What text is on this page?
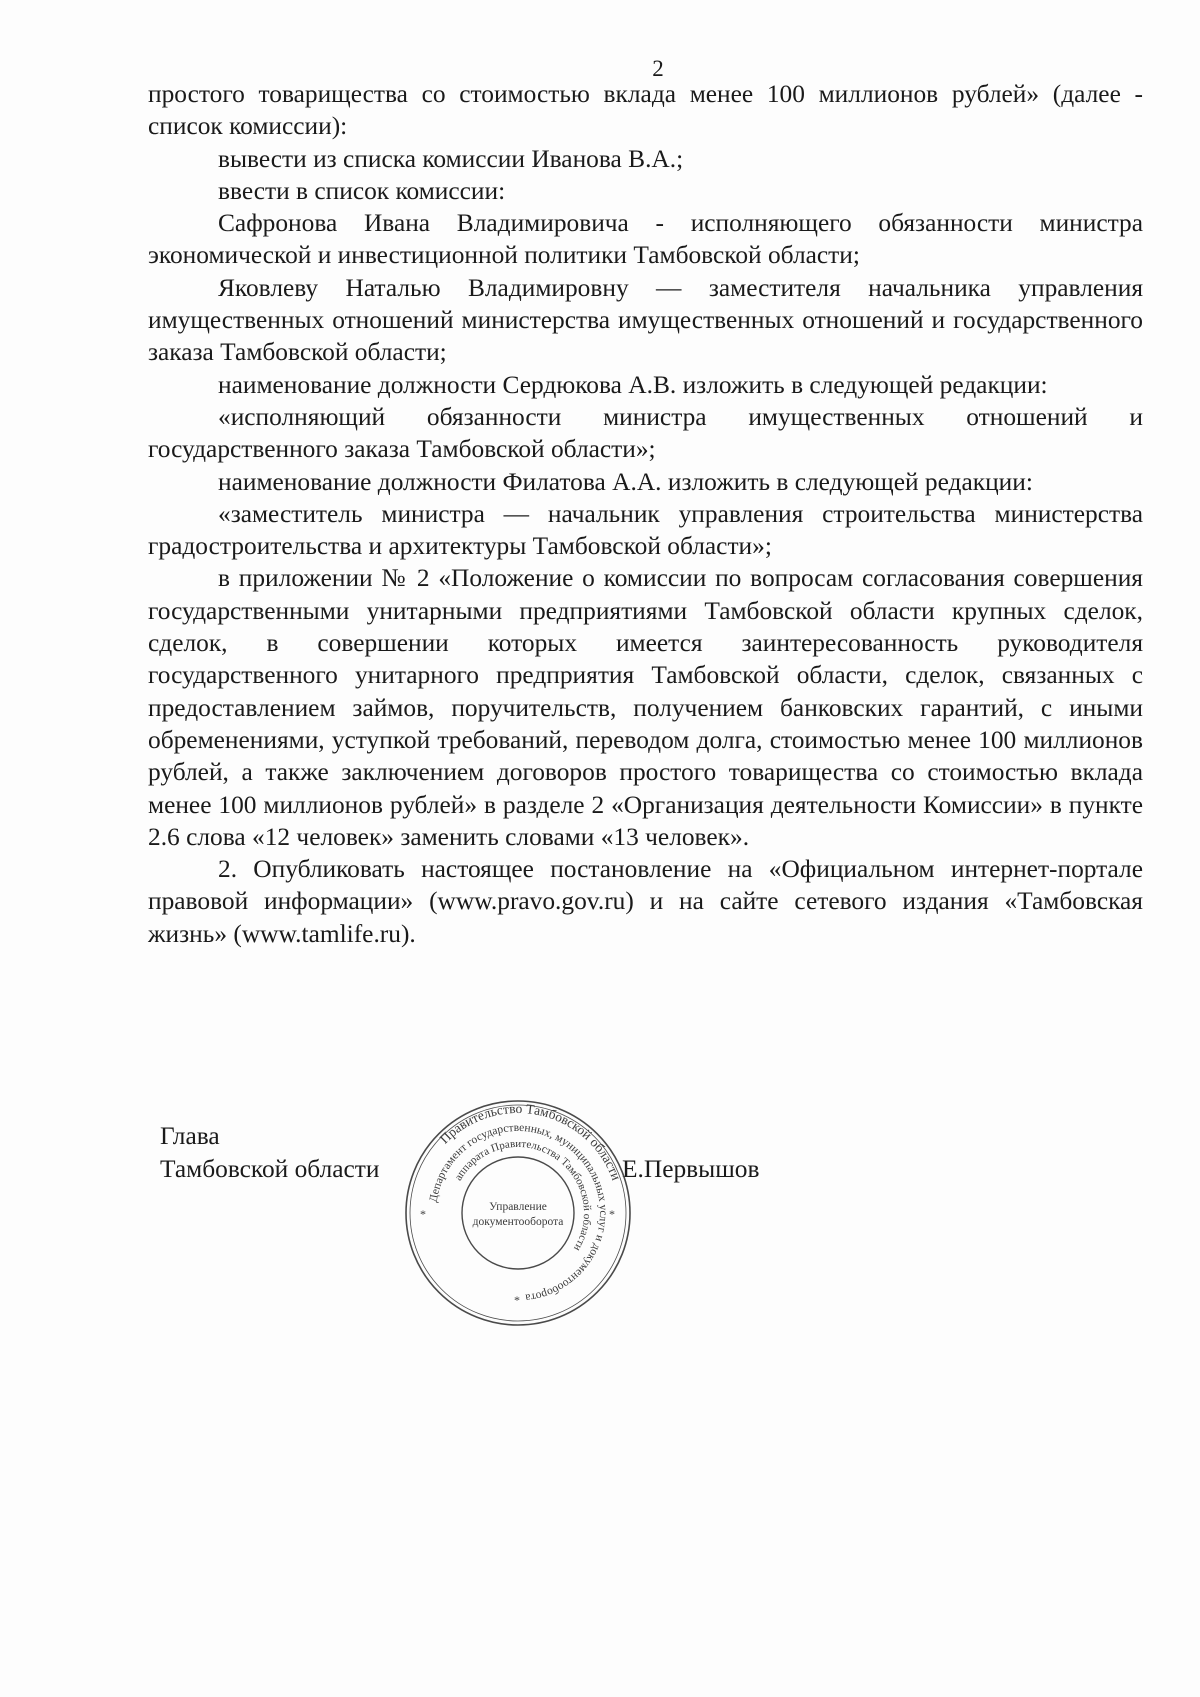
2

простого товарищества со стоимостью вклада менее 100 миллионов рублей» (далее - список комиссии):

вывести из списка комиссии Иванова В.А.;

ввести в список комиссии:

Сафронова Ивана Владимировича - исполняющего обязанности министра экономической и инвестиционной политики Тамбовской области;

Яковлеву Наталью Владимировну — заместителя начальника управления имущественных отношений министерства имущественных отношений и государственного заказа Тамбовской области;

наименование должности Сердюкова А.В. изложить в следующей редакции:

«исполняющий обязанности министра имущественных отношений и государственного заказа Тамбовской области»;

наименование должности Филатова А.А. изложить в следующей редакции:

«заместитель министра — начальник управления строительства министерства градостроительства и архитектуры Тамбовской области»;

в приложении № 2 «Положение о комиссии по вопросам согласования совершения государственными унитарными предприятиями Тамбовской области крупных сделок, сделок, в совершении которых имеется заинтересованность руководителя государственного унитарного предприятия Тамбовской области, сделок, связанных с предоставлением займов, поручительств, получением банковских гарантий, с иными обременениями, уступкой требований, переводом долга, стоимостью менее 100 миллионов рублей, а также заключением договоров простого товарищества со стоимостью вклада менее 100 миллионов рублей» в разделе 2 «Организация деятельности Комиссии» в пункте 2.6 слова «12 человек» заменить словами «13 человек».

2. Опубликовать настоящее постановление на «Официальном интернет-портале правовой информации» (www.pravo.gov.ru) и на сайте сетевого издания «Тамбовская жизнь» (www.tamlife.ru).

Глава
Тамбовской области	Е.Первышов
Правительство Тамбовской области
Департамент государственных, муниципальных услуг и документооборота
аппарата Правительства Тамбовской области
Управление
документооборота
*	*
*
